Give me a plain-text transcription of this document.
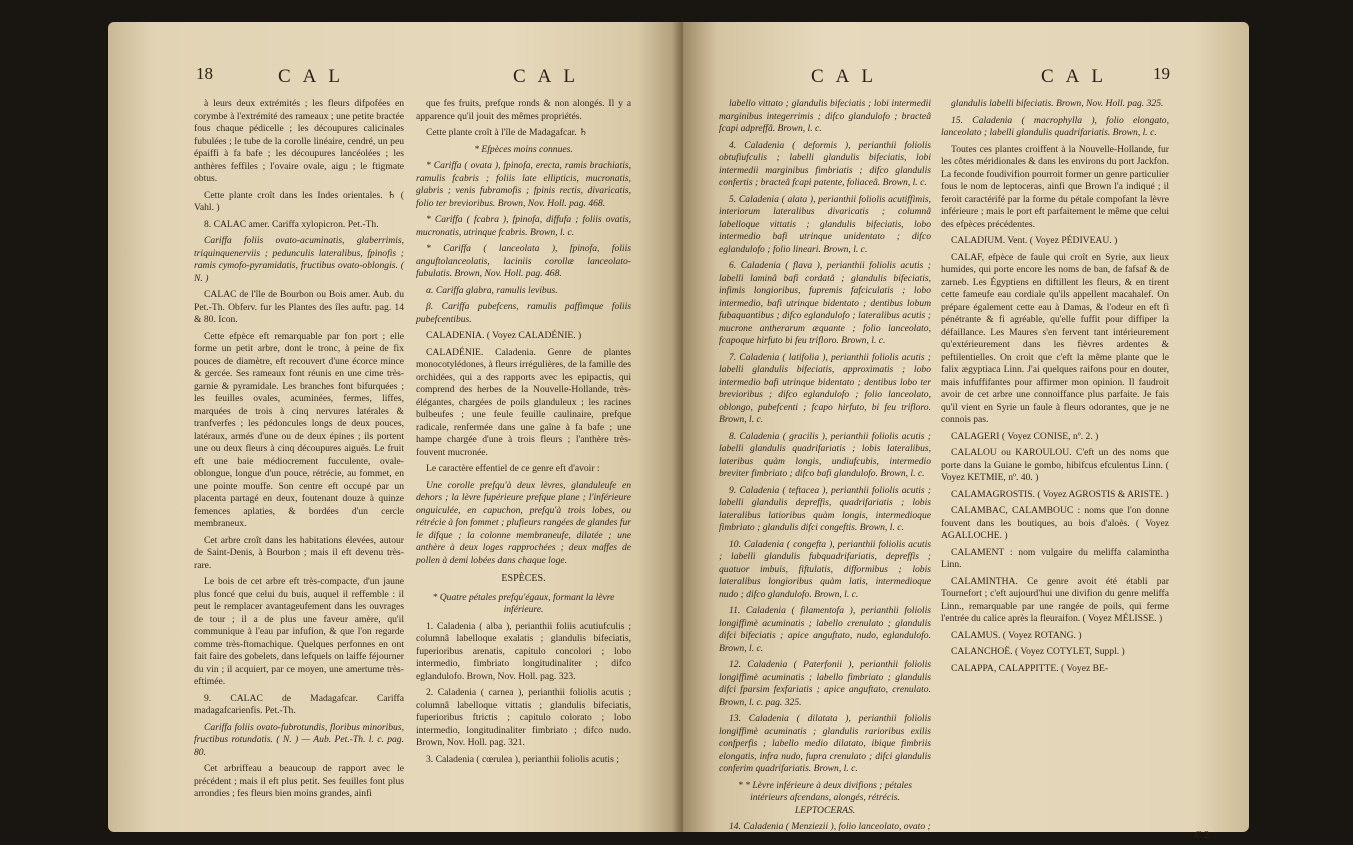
18	CAL	CAL

à leurs deux extrémités ; les fleurs difpofées en corymbe à l'extrémité des rameaux ; une petite bractée fous chaque pédicelle ; les découpures calicinales fubulées ; le tube de la corolle linéaire, cendré, un peu épaiffi à fa bafe ; les découpures lancéolées ; les anthères feffiles ; l'ovaire ovale, aigu ; le ftigmate obtus.

Cette plante croît dans les Indes orientales. ♄ ( Vahl. )

8. CALAC amer. Cariffa xylopicron. Pet.-Th.

Cariffa foliis ovato-acuminatis, glaberrimis, triquinquenerviis ; pedunculis lateralibus, fpinofis ; ramis cymofo-pyramidatis, fructibus ovato-oblongis. ( N. )

CALAC de l'île de Bourbon ou Bois amer. Aub. du Pet.-Th. Obferv. fur les Plantes des îles auftr. pag. 14 & 80. Icon.

Cette efpèce eft remarquable par fon port ; elle forme un petit arbre, dont le tronc, à peine de fix pouces de diamètre, eft recouvert d'une écorce mince & gercée. Ses rameaux font réunis en une cime très-garnie & pyramidale. Les branches font bifurquées ; les feuilles ovales, acuminées, fermes, liffes, marquées de trois à cinq nervures latérales & tranfverfes ; les pédoncules longs de deux pouces, latéraux, armés d'une ou de deux épines ; ils portent une ou deux fleurs à cinq découpures aiguës. Le fruit eft une baie médiocrement fucculente, ovale-oblongue, longue d'un pouce, rétrécie, au fommet, en une pointe mouffe. Son centre eft occupé par un placenta partagé en deux, foutenant douze à quinze femences aplaties, & bordées d'un cercle membraneux.

Cet arbre croît dans les habitations élevées, autour de Saint-Denis, à Bourbon ; mais il eft devenu très-rare.

Le bois de cet arbre eft très-compacte, d'un jaune plus foncé que celui du buis, auquel il reffemble : il peut le remplacer avantageufement dans les ouvrages de tour ; il a de plus une faveur amère, qu'il communique à l'eau par infufion, & que l'on regarde comme très-ftomachique. Quelques perfonnes en ont fait faire des gobelets, dans lefquels on laiffe féjourner du vin ; il acquiert, par ce moyen, une amertume très-eftimée.

9. CALAC de Madagafcar. Cariffa madagafcarienfis. Pet.-Th.

Cariffa foliis ovato-fubrotundis, floribus minoribus, fructibus rotundatis. ( N. ) — Aub. Pet.-Th. l. c. pag. 80.

Cet arbriffeau a beaucoup de rapport avec le précédent ; mais il eft plus petit. Ses feuilles font plus arrondies ; fes fleurs bien moins grandes, ainfi

que fes fruits, prefque ronds & non alongés. Il y a apparence qu'il jouit des mêmes propriétés.

Cette plante croît à l'île de Madagafcar. ♄

* Efpèces moins connues.

* Cariffa ( ovata ), fpinofa, erecta, ramis brachiatis, ramulis fcabris ; foliis late ellipticis, mucronatis, glabris ; venis fubramofis ; fpinis rectis, divaricatis, folio ter brevioribus. Brown, Nov. Holl. pag. 468.

* Cariffa ( fcabra ), fpinofa, diffufa ; foliis ovatis, mucronatis, utrinque fcabris. Brown, l. c.

* Cariffa ( lanceolata ), fpinofa, foliis anguftolanceolatis, laciniis corollæ lanceolato-fubulatis. Brown, Nov. Holl. pag. 468.

α. Cariffa glabra, ramulis levibus.

β. Cariffa pubefcens, ramulis paffimque foliis pubefcentibus.

CALADENIA. ( Voyez CALADÉNIE. )

CALADÉNIE. Caladenia. Genre de plantes monocotylédones, à fleurs irrégulières, de la famille des orchidées, qui a des rapports avec les epipactis, qui comprend des herbes de la Nouvelle-Hollande, très-élégantes, chargées de poils glanduleux ; les racines bulbeufes ; une feule feuille caulinaire, prefque radicale, renfermée dans une gaîne à fa bafe ; une hampe chargée d'une à trois fleurs ; l'anthère très-fouvent mucronée.

Le caractère effentiel de ce genre eft d'avoir :

Une corolle prefqu'à deux lèvres, glanduleufe en dehors ; la lèvre fupérieure prefque plane ; l'inférieure onguiculée, en capuchon, prefqu'à trois lobes, ou rétrécie à fon fommet ; plufieurs rangées de glandes fur le difque ; la colonne membraneufe, dilatée ; une anthère à deux loges rapprochées ; deux maffes de pollen à demi lobées dans chaque loge.

ESPÈCES.

* Quatre pétales prefqu'égaux, formant la lèvre inférieure.

1. Caladenia ( alba ), perianthii foliis acutiufculis ; columnâ labelloque exalatis ; glandulis bifeciatis, fuperioribus arenatis, capitulo concolori ; lobo intermedio, fimbriato longitudinaliter ; difco eglandulofo. Brown, Nov. Holl. pag. 323.

2. Caladenia ( carnea ), perianthii foliolis acutis ; columnâ labelloque vittatis ; glandulis bifeciatis, fuperioribus ftrictis ; capitulo colorato ; lobo intermedio, longitudinaliter fimbriato ; difco nudo. Brown, Nov. Holl. pag. 321.

3. Caladenia ( cœrulea ), perianthii foliolis acutis ;

CAL	CAL 19

labello vittato ; glandulis bifeciatis ; lobi intermedii marginibus integerrimis ; difco glandulofo ; bracteâ fcapi adpreffâ. Brown, l. c.

4. Caladenia ( deformis ), perianthii foliolis obtufiufculis ; labelli glandulis bifeciatis, lobi intermedii marginibus fimbriatis ; difco glandulis confertis ; bracteâ fcapi patente, foliaceâ. Brown, l. c.

5. Caladenia ( alata ), perianthii foliolis acutiffimis, interiorum lateralibus divaricatis ; columnâ labelloque vittatis ; glandulis bifeciatis, lobo intermedio bafi utrinque unidentato ; difco eglandulofo ; folio lineari. Brown, l. c.

6. Caladenia ( flava ), perianthii foliolis acutis ; labelli laminâ bafi cordatâ ; glandulis bifeciatis, infimis longioribus, fupremis fafciculatis ; lobo intermedio, bafi utrinque bidentato ; dentibus lobum fubaquantibus ; difco eglandulofo ; lateralibus acutis ; mucrone antherarum æquante ; folio lanceolato, fcapoque hirfuto bi feu trifloro. Brown, l. c.

7. Caladenia ( latifolia ), perianthii foliolis acutis ; labelli glandulis bifeciatis, approximatis ; lobo intermedio bafi utrinque bidentato ; dentibus lobo ter brevioribus ; difco eglandulofo ; folio lanceolato, oblongo, pubefcenti ; fcapo hirfuto, bi feu trifloro. Brown, l. c.

8. Caladenia ( gracilis ), perianthii foliolis acutis ; labelli glandulis quadrifariatis ; lobis lateralibus, lateribus quàm longis, undiufcubis, intermedio breviter fimbriato ; difco bafi glandulofo. Brown, l. c.

9. Caladenia ( teftacea ), perianthii foliolis acutis ; labelli glandulis depreffis, quadrifariatis ; lobis lateralibus latioribus quàm longis, intermedioque fimbriato ; glandulis difci congeftis. Brown, l. c.

10. Caladenia ( congefta ), perianthii foliolis acutis ; labelli glandulis fubquadrifariatis, depreffis ; quatuor imbuis, fiftulatis, difformibus ; lobis lateralibus longioribus quàm latis, intermedioque nudo ; difco glandulofo. Brown, l. c.

11. Caladenia ( filamentofa ), perianthii foliolis longiffimè acuminatis ; labello crenulato ; glandulis difci bifeciatis ; apice anguftato, nudo, eglandulofo. Brown, l. c.

12. Caladenia ( Paterfonii ), perianthii foliolis longiffimè acuminatis ; labello fimbriato ; glandulis difci fparsim fexfariatis ; apice anguftato, crenulato. Brown, l. c. pag. 325.

13. Caladenia ( dilatata ), perianthii foliolis longiffimè acuminatis ; glandulis rarioribus exilis confperfis ; labello medio dilatato, ibique fimbriis elongatis, infra nudo, fupra crenulato ; difci glandulis conferim quadrifariatis. Brown, l. c.

* * Lèvre inférieure à deux divifions ; pétales intérieurs afcendans, alongés, rétrécis. LEPTOCERAS.

14. Caladenia ( Menziezii ), folio lanceolato, ovato ;

glandulis labelli bifeciatis. Brown, Nov. Holl. pag. 325.

15. Caladenia ( macrophylla ), folio elongato, lanceolato ; labelli glandulis quadrifariatis. Brown, l. c.

Toutes ces plantes croiffent à la Nouvelle-Hollande, fur les côtes méridionales & dans les environs du port Jackfon. La feconde foudivifion pourroit former un genre particulier fous le nom de leptoceras, ainfi que Brown l'a indiqué ; il feroit caractérifé par la forme du pétale compofant la lèvre inférieure ; mais le port eft parfaitement le même que celui des efpèces précédentes.

CALADIUM. Vent. ( Voyez PÉDIVEAU. )

CALAF, efpèce de faule qui croît en Syrie, aux lieux humides, qui porte encore les noms de ban, de fafsaf & de zarneb. Les Égyptiens en diftillent les fleurs, & en tirent cette fameufe eau cordiale qu'ils appellent macahalef. On prépare également cette eau à Damas, & l'odeur en eft fi pénétrante & fi agréable, qu'elle fuffit pour diffiper la défaillance. Les Maures s'en fervent tant intérieurement qu'extérieurement dans les fièvres ardentes & peftilentielles. On croit que c'eft la même plante que le falix ægyptiaca Linn. J'ai quelques raifons pour en douter, mais infuffifantes pour affirmer mon opinion. Il faudroit avoir de cet arbre une connoiffance plus parfaite. Je fais qu'il vient en Syrie un faule à fleurs odorantes, que je ne connois pas.

CALAGERI ( Voyez CONISE, nº. 2. )

CALALOU ou KAROULOU. C'eft un des noms que porte dans la Guiane le gombo, hibifcus efculentus Linn. ( Voyez KETMIE, nº. 40. )

CALAMAGROSTIS. ( Voyez AGROSTIS & ARISTE. )

CALAMBAC, CALAMBOUC : noms que l'on donne fouvent dans les boutiques, au bois d'aloès. ( Voyez AGALLOCHE. )

CALAMENT : nom vulgaire du meliffa calamintha Linn.

CALAMINTHA. Ce genre avoit été établi par Tournefort ; c'eft aujourd'hui une divifion du genre meliffa Linn., remarquable par une rangée de poils, qui ferme l'entrée du calice après la fleuraifon. ( Voyez MÉLISSE. )

CALAMUS. ( Voyez ROTANG. )

CALANCHOË. ( Voyez COTYLET, Suppl. )

CALAPPA, CALAPPITTE. ( Voyez BE-

C 2
